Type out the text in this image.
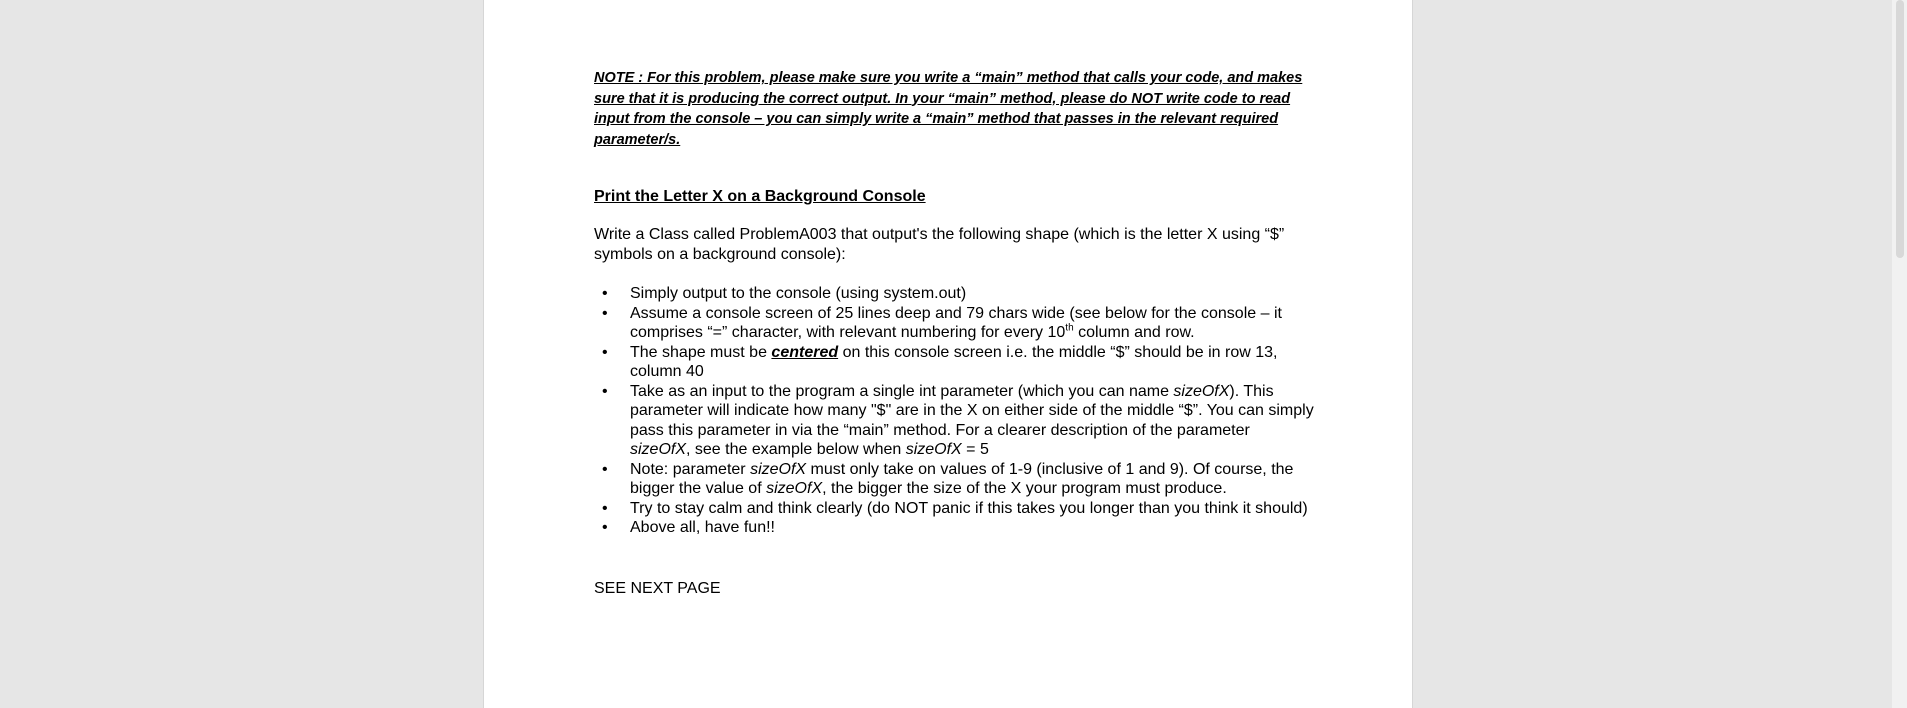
NOTE : For this problem, please make sure you write a “main” method that calls your code, and makes sure that it is producing the correct output. In your “main” method, please do NOT write code to read input from the console – you can simply write a “main” method that passes in the relevant required parameter/s.

Print the Letter X on a Background Console

Write a Class called ProblemA003 that output's the following shape (which is the letter X using “$” symbols on a background console):

• Simply output to the console (using system.out)

• Assume a console screen of 25 lines deep and 79 chars wide (see below for the console – it comprises “=” character, with relevant numbering for every 10th column and row.

• The shape must be centered on this console screen i.e. the middle “$” should be in row 13, column 40

• Take as an input to the program a single int parameter (which you can name sizeOfX). This parameter will indicate how many "$" are in the X on either side of the middle “$”. You can simply pass this parameter in via the “main” method. For a clearer description of the parameter sizeOfX, see the example below when sizeOfX = 5

• Note: parameter sizeOfX must only take on values of 1-9 (inclusive of 1 and 9). Of course, the bigger the value of sizeOfX, the bigger the size of the X your program must produce.

• Try to stay calm and think clearly (do NOT panic if this takes you longer than you think it should)

• Above all, have fun!!

SEE NEXT PAGE
